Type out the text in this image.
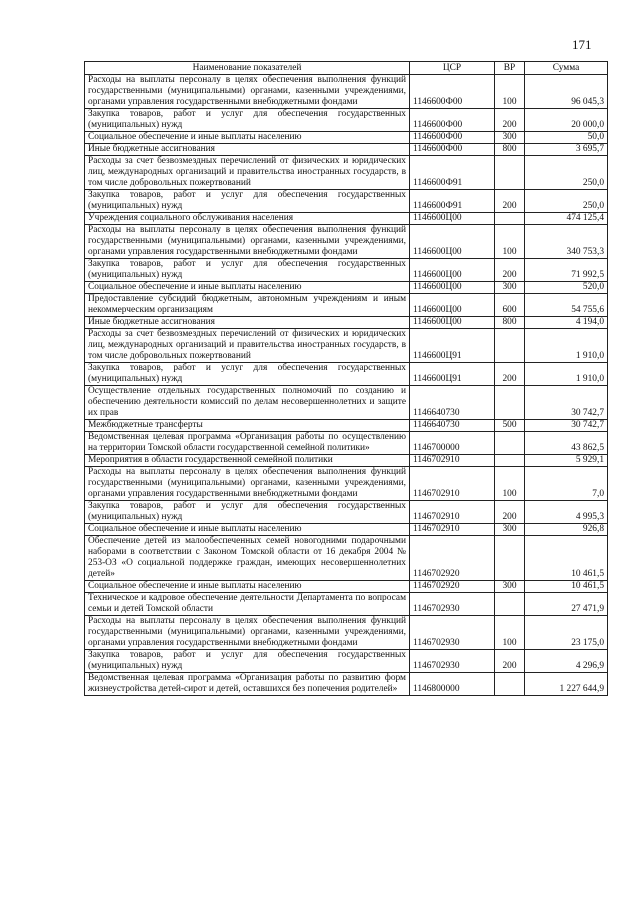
171
Наименование показателей	ЦСР	ВР	Сумма
Расходы на выплаты персоналу в целях обеспечения выполнения функций государственными (муниципальными) органами, казенными учреждениями, органами управления государственными внебюджетными фондами	1146600Ф00	100	96 045,3
Закупка товаров, работ и услуг для обеспечения государственных (муниципальных) нужд	1146600Ф00	200	20 000,0
Социальное обеспечение и иные выплаты населению	1146600Ф00	300	50,0
Иные бюджетные ассигнования	1146600Ф00	800	3 695,7
Расходы за счет безвозмездных перечислений от физических и юридических лиц, международных организаций и правительства иностранных государств, в том числе добровольных пожертвований	1146600Ф91		250,0
Закупка товаров, работ и услуг для обеспечения государственных (муниципальных) нужд	1146600Ф91	200	250,0
Учреждения социального обслуживания населения	1146600Ц00		474 125,4
Расходы на выплаты персоналу в целях обеспечения выполнения функций государственными (муниципальными) органами, казенными учреждениями, органами управления государственными внебюджетными фондами	1146600Ц00	100	340 753,3
Закупка товаров, работ и услуг для обеспечения государственных (муниципальных) нужд	1146600Ц00	200	71 992,5
Социальное обеспечение и иные выплаты населению	1146600Ц00	300	520,0
Предоставление субсидий бюджетным, автономным учреждениям и иным некоммерческим организациям	1146600Ц00	600	54 755,6
Иные бюджетные ассигнования	1146600Ц00	800	4 194,0
Расходы за счет безвозмездных перечислений от физических и юридических лиц, международных организаций и правительства иностранных государств, в том числе добровольных пожертвований	1146600Ц91		1 910,0
Закупка товаров, работ и услуг для обеспечения государственных (муниципальных) нужд	1146600Ц91	200	1 910,0
Осуществление отдельных государственных полномочий по созданию и обеспечению деятельности комиссий по делам несовершеннолетних и защите их прав	1146640730		30 742,7
Межбюджетные трансферты	1146640730	500	30 742,7
Ведомственная целевая программа «Организация работы по осуществлению на территории Томской области государственной семейной политики»	1146700000		43 862,5
Мероприятия в области государственной семейной политики	1146702910		5 929,1
Расходы на выплаты персоналу в целях обеспечения выполнения функций государственными (муниципальными) органами, казенными учреждениями, органами управления государственными внебюджетными фондами	1146702910	100	7,0
Закупка товаров, работ и услуг для обеспечения государственных (муниципальных) нужд	1146702910	200	4 995,3
Социальное обеспечение и иные выплаты населению	1146702910	300	926,8
Обеспечение детей из малообеспеченных семей новогодними подарочными наборами в соответствии с Законом Томской области от 16 декабря 2004 № 253-ОЗ «О социальной поддержке граждан, имеющих несовершеннолетних детей»	1146702920		10 461,5
Социальное обеспечение и иные выплаты населению	1146702920	300	10 461,5
Техническое и кадровое обеспечение деятельности Департамента по вопросам семьи и детей Томской области	1146702930		27 471,9
Расходы на выплаты персоналу в целях обеспечения выполнения функций государственными (муниципальными) органами, казенными учреждениями, органами управления государственными внебюджетными фондами	1146702930	100	23 175,0
Закупка товаров, работ и услуг для обеспечения государственных (муниципальных) нужд	1146702930	200	4 296,9
Ведомственная целевая программа «Организация работы по развитию форм жизнеустройства детей-сирот и детей, оставшихся без попечения родителей»	1146800000		1 227 644,9
